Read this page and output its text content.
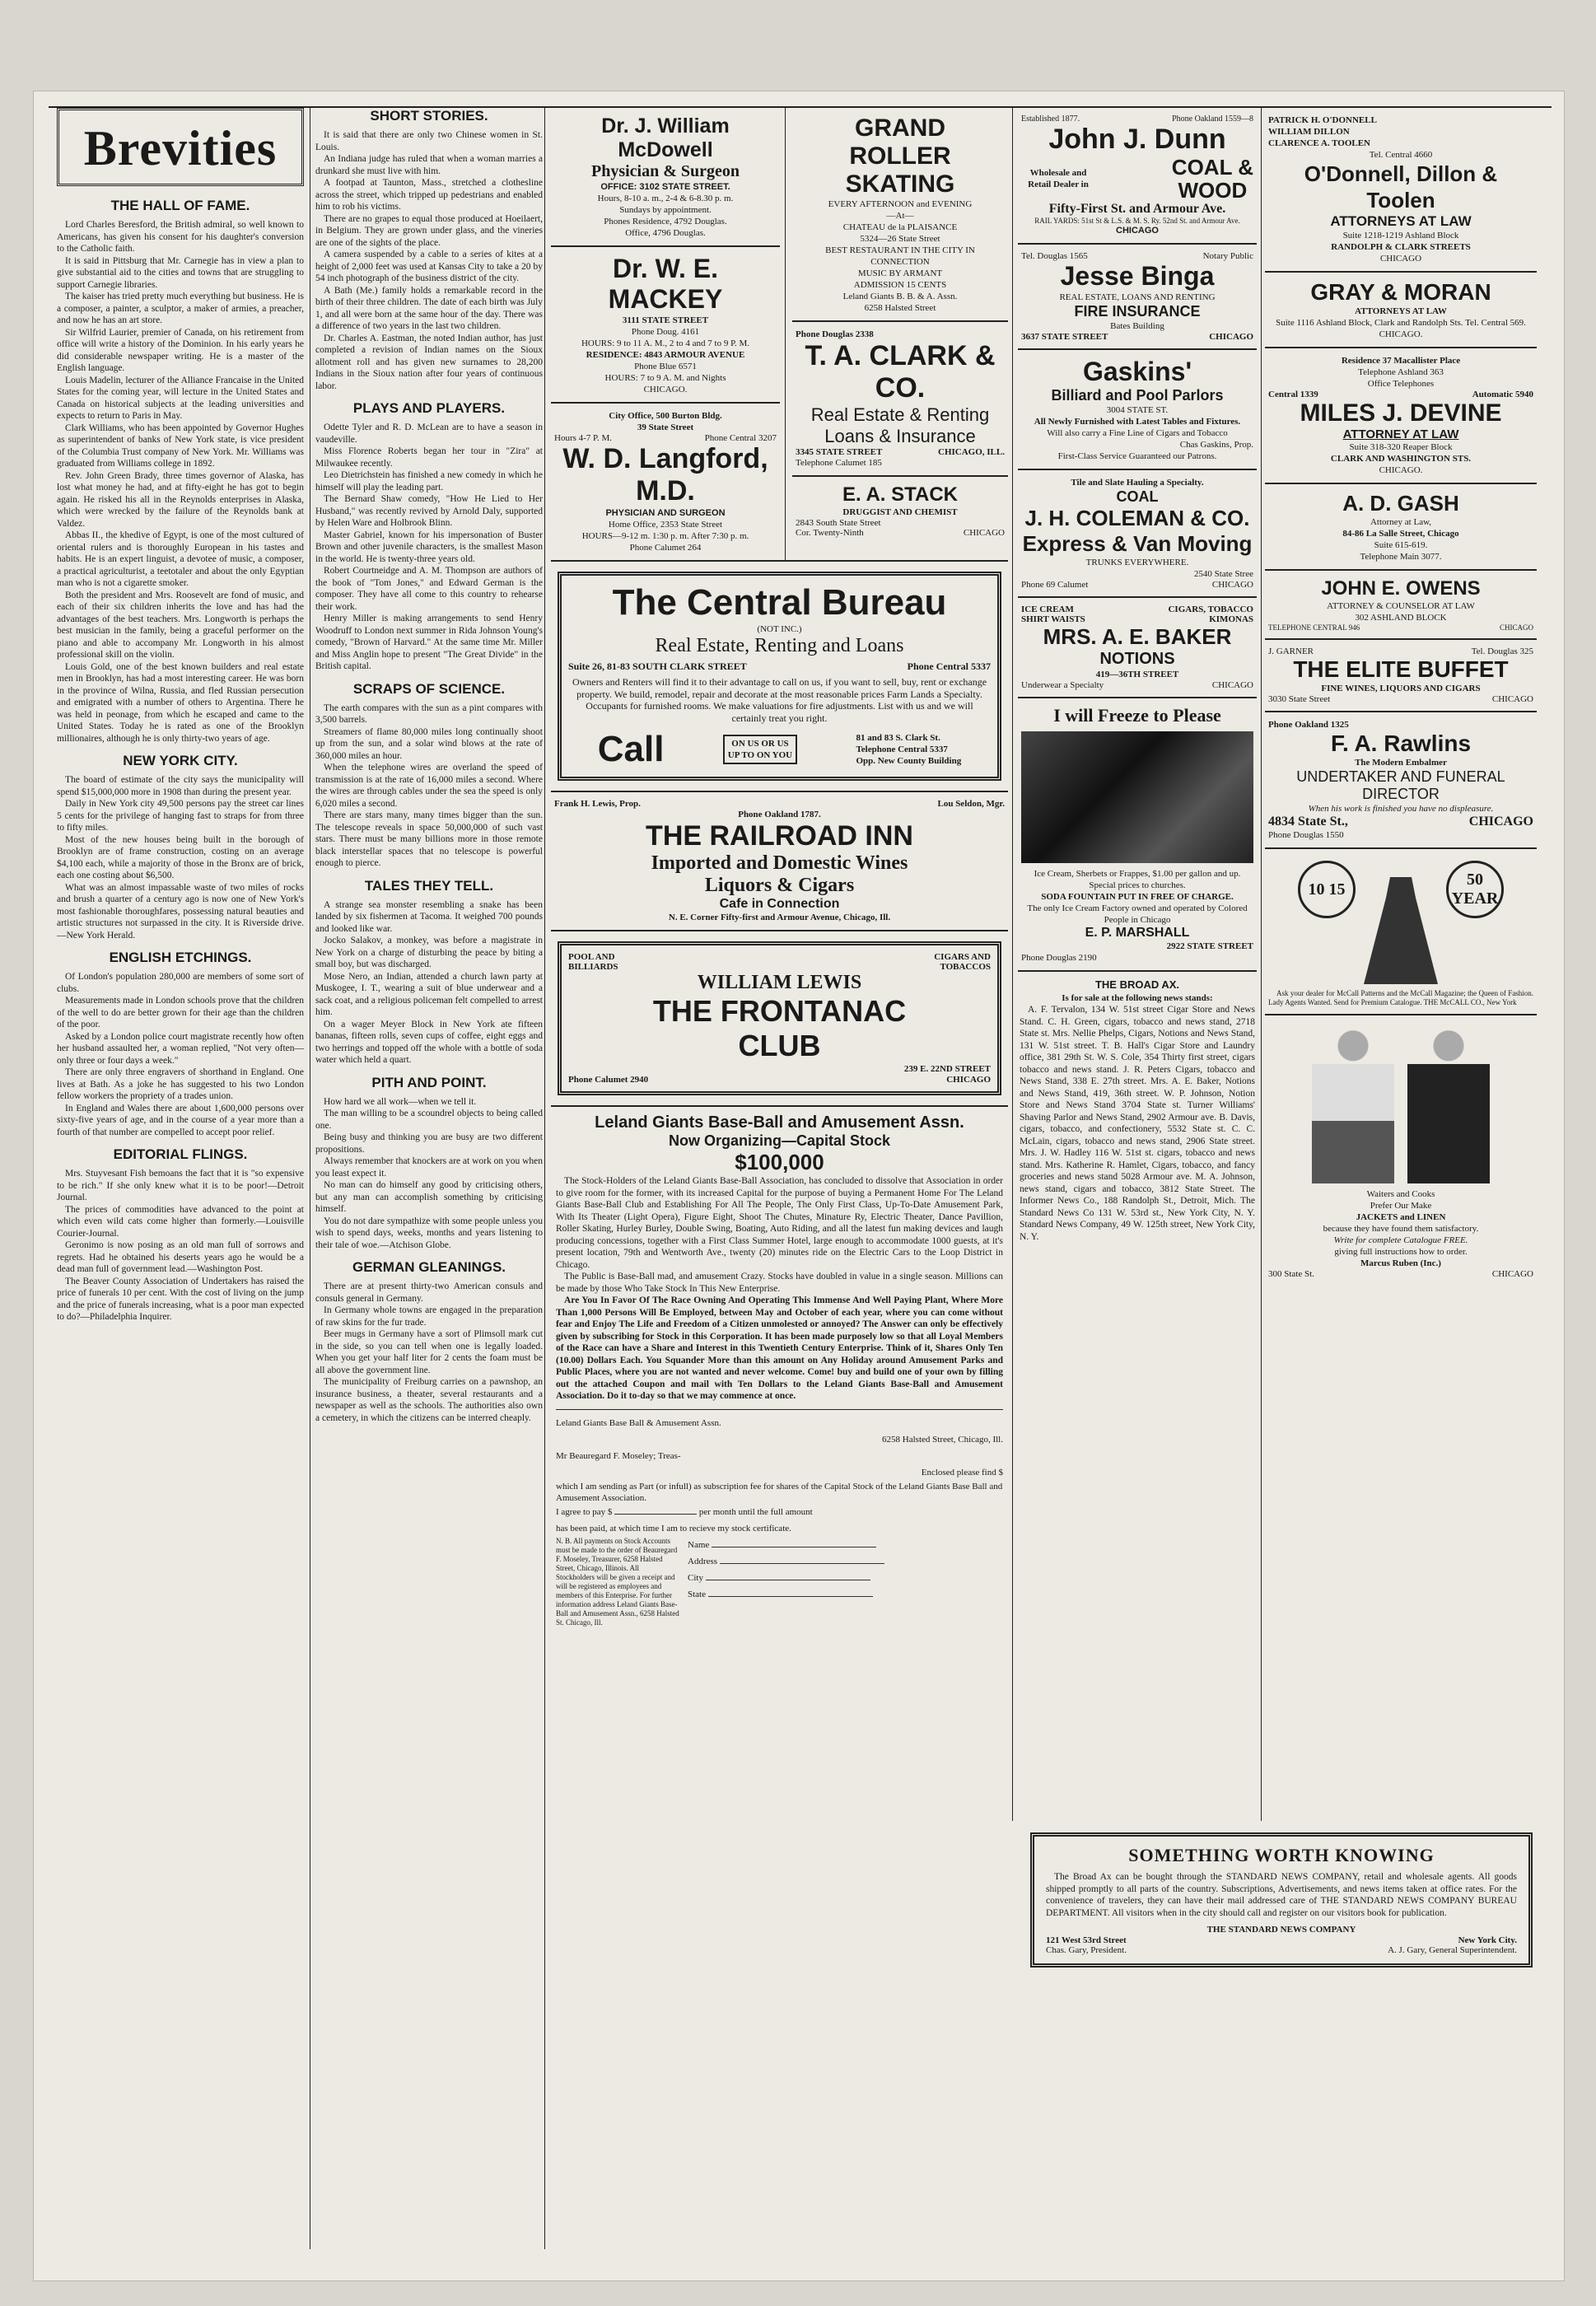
Brevities
THE HALL OF FAME.

Lord Charles Beresford, the British admiral, so well known to Americans, has given his consent for his daughter's conversion to the Catholic faith.

It is said in Pittsburg that Mr. Carnegie has in view a plan to give substantial aid to the cities and towns that are struggling to support Carnegie libraries.

The kaiser has tried pretty much everything but business. He is a composer, a painter, a sculptor, a maker of armies, a preacher, and now he has an art store.

Sir Wilfrid Laurier, premier of Canada, on his retirement from office will write a history of the Dominion. In his early years he did considerable newspaper writing. He is a master of the English language.

Louis Madelin, lecturer of the Alliance Francaise in the United States for the coming year, will lecture in the United States and Canada on historical subjects at the leading universities and expects to return to Paris in May.

Clark Williams, who has been appointed by Governor Hughes as superintendent of banks of New York state, is vice president of the Columbia Trust company of New York. Mr. Williams was graduated from Williams college in 1892.

Rev. John Green Brady, three times governor of Alaska, has lost what money he had, and at fifty-eight he has got to begin again. He risked his all in the Reynolds enterprises in Alaska, which were wrecked by the failure of the Reynolds bank at Valdez.

Abbas II., the khedive of Egypt, is one of the most cultured of oriental rulers and is thoroughly European in his tastes and habits. He is an expert linguist, a devotee of music, a composer, a practical agriculturist, a teetotaler and about the only Egyptian man who is not a cigarette smoker.

Both the president and Mrs. Roosevelt are fond of music, and each of their six children inherits the love and has had the advantages of the best teachers. Mrs. Longworth is perhaps the best musician in the family, being a graceful performer on the piano and able to accompany Mr. Longworth in his almost professional skill on the violin.

Louis Gold, one of the best known builders and real estate men in Brooklyn, has had a most interesting career. He was born in the province of Wilna, Russia, and fled Russian persecution and emigrated with a number of others to Argentina. There he was held in peonage, from which he escaped and came to the United States. Today he is rated as one of the Brooklyn millionaires, although he is only thirty-two years of age.

NEW YORK CITY.

The board of estimate of the city says the municipality will spend $15,000,000 more in 1908 than during the present year.

Daily in New York city 49,500 persons pay the street car lines 5 cents for the privilege of hanging fast to straps for from three to fifty miles.

Most of the new houses being built in the borough of Brooklyn are of frame construction, costing on an average $4,100 each, while a majority of those in the Bronx are of brick, each one costing about $6,500.

What was an almost impassable waste of two miles of rocks and brush a quarter of a century ago is now one of New York's most fashionable thoroughfares, possessing natural beauties and artistic structures not surpassed in the city. It is Riverside drive.—New York Herald.

ENGLISH ETCHINGS.

Of London's population 280,000 are members of some sort of clubs.

Measurements made in London schools prove that the children of the well to do are better grown for their age than the children of the poor.

Asked by a London police court magistrate recently how often her husband assaulted her, a woman replied, "Not very often—only three or four days a week."

There are only three engravers of shorthand in England. One lives at Bath. As a joke he has suggested to his two London fellow workers the propriety of a trades union.

In England and Wales there are about 1,600,000 persons over sixty-five years of age, and in the course of a year more than a fourth of that number are compelled to accept poor relief.

EDITORIAL FLINGS.

Mrs. Stuyvesant Fish bemoans the fact that it is "so expensive to be rich." If she only knew what it is to be poor!—Detroit Journal.

The prices of commodities have advanced to the point at which even wild cats come higher than formerly.—Louisville Courier-Journal.

Geronimo is now posing as an old man full of sorrows and regrets. Had he obtained his deserts years ago he would be a dead man full of government lead.—Washington Post.

The Beaver County Association of Undertakers has raised the price of funerals 10 per cent. With the cost of living on the jump and the price of funerals increasing, what is a poor man expected to do?—Philadelphia Inquirer.

SHORT STORIES.

It is said that there are only two Chinese women in St. Louis.

An Indiana judge has ruled that when a woman marries a drunkard she must live with him.

A footpad at Taunton, Mass., stretched a clothesline across the street, which tripped up pedestrians and enabled him to rob his victims.

There are no grapes to equal those produced at Hoeilaert, in Belgium. They are grown under glass, and the vineries are one of the sights of the place.

A camera suspended by a cable to a series of kites at a height of 2,000 feet was used at Kansas City to take a 20 by 54 inch photograph of the business district of the city.

A Bath (Me.) family holds a remarkable record in the birth of their three children. The date of each birth was July 1, and all were born at the same hour of the day. There was a difference of two years in the last two children.

Dr. Charles A. Eastman, the noted Indian author, has just completed a revision of Indian names on the Sioux allotment roll and has given new surnames to 28,200 Indians in the Sioux nation after four years of continuous labor.

PLAYS AND PLAYERS.

Odette Tyler and R. D. McLean are to have a season in vaudeville.

Miss Florence Roberts began her tour in "Zira" at Milwaukee recently.

Leo Dietrichstein has finished a new comedy in which he himself will play the leading part.

The Bernard Shaw comedy, "How He Lied to Her Husband," was recently revived by Arnold Daly, supported by Helen Ware and Holbrook Blinn.

Master Gabriel, known for his impersonation of Buster Brown and other juvenile characters, is the smallest Mason in the world. He is twenty-three years old.

Robert Courtneidge and A. M. Thompson are authors of the book of "Tom Jones," and Edward German is the composer. They have all come to this country to rehearse their work.

Henry Miller is making arrangements to send Henry Woodruff to London next summer in Rida Johnson Young's comedy, "Brown of Harvard." At the same time Mr. Miller and Miss Anglin hope to present "The Great Divide" in the British capital.

SCRAPS OF SCIENCE.

The earth compares with the sun as a pint compares with 3,500 barrels.

Streamers of flame 80,000 miles long continually shoot up from the sun, and a solar wind blows at the rate of 360,000 miles an hour.

When the telephone wires are overland the speed of transmission is at the rate of 16,000 miles a second. Where the wires are through cables under the sea the speed is only 6,020 miles a second.

There are stars many, many times bigger than the sun. The telescope reveals in space 50,000,000 of such vast stars. There must be many billions more in those remote black interstellar spaces that no telescope is powerful enough to pierce.

TALES THEY TELL.

A strange sea monster resembling a snake has been landed by six fishermen at Tacoma. It weighed 700 pounds and looked like war.

Jocko Salakov, a monkey, was before a magistrate in New York on a charge of disturbing the peace by biting a small boy, but was discharged.

Mose Nero, an Indian, attended a church lawn party at Muskogee, I. T., wearing a suit of blue underwear and a sack coat, and a religious policeman felt compelled to arrest him.

On a wager Meyer Block in New York ate fifteen bananas, fifteen rolls, seven cups of coffee, eight eggs and two herrings and topped off the whole with a bottle of soda water which held a quart.

PITH AND POINT.

How hard we all work—when we tell it.

The man willing to be a scoundrel objects to being called one.

Being busy and thinking you are busy are two different propositions.

Always remember that knockers are at work on you when you least expect it.

No man can do himself any good by criticising others, but any man can accomplish something by criticising himself.

You do not dare sympathize with some people unless you wish to spend days, weeks, months and years listening to their tale of woe.—Atchison Globe.

GERMAN GLEANINGS.

There are at present thirty-two American consuls and consuls general in Germany.

In Germany whole towns are engaged in the preparation of raw skins for the fur trade.

Beer mugs in Germany have a sort of Plimsoll mark cut in the side, so you can tell when one is legally loaded. When you get your half liter for 2 cents the foam must be all above the government line.

The municipality of Freiburg carries on a pawnshop, an insurance business, a theater, several restaurants and a newspaper as well as the schools. The authorities also own a cemetery, in which the citizens can be interred cheaply.

Dr. J. William McDowell
Physician & Surgeon
OFFICE: 3102 STATE STREET.
Hours, 8-10 a. m., 2-4 & 6-8.30 p. m.
Sundays by appointment.
Phones Residence, 4792 Douglas.
Office, 4796 Douglas.
Dr. W. E. MACKEY
3111 STATE STREET
Phone Doug. 4161
HOURS: 9 to 11 A. M., 2 to 4 and 7 to 9 P. M.
RESIDENCE: 4843 ARMOUR AVENUE
Phone Blue 6571
HOURS: 7 to 9 A. M. and Nights
CHICAGO.
City Office, 500 Burton Bldg.
39 State Street
Hours 4-7 P. M.	Phone Central 3207
W. D. Langford, M.D.
PHYSICIAN AND SURGEON
Home Office, 2353 State Street
HOURS—9-12 m. 1:30 p. m. After 7:30 p. m.
Phone Calumet 264
GRAND
ROLLER
SKATING
EVERY AFTERNOON and EVENING
—At—
CHATEAU de la PLAISANCE
5324—26 State Street
BEST RESTAURANT IN THE CITY IN CONNECTION
MUSIC BY ARMANT
ADMISSION 15 CENTS
Leland Giants B. B. & A. Assn.
6258 Halsted Street
Phone Douglas 2338
T. A. CLARK & CO.
Real Estate & Renting
Loans & Insurance
3345 STATE STREET	CHICAGO, ILL.
Telephone Calumet 185
E. A. STACK
DRUGGIST AND CHEMIST
2843 South State Street
Cor. Twenty-Ninth	CHICAGO
The Central Bureau
(NOT INC.)
Real Estate, Renting and Loans
Suite 26, 81-83 SOUTH CLARK STREET	Phone Central 5337

Owners and Renters will find it to their advantage to call on us, if you want to sell, buy, rent or exchange property. We build, remodel, repair and decorate at the most reasonable prices Farm Lands a Specialty. Occupants for furnished rooms. We make valuations for fire adjustments. List with us and we will certainly treat you right.

Call	ON US OR US UP TO ON YOU
81 and 83 S. Clark St.
Telephone Central 5337
Opp. New County Building
Frank H. Lewis, Prop.	Lou Seldon, Mgr.
Phone Oakland 1787.
THE RAILROAD INN
Imported and Domestic Wines
Liquors & Cigars
Cafe in Connection
N. E. Corner Fifty-first and Armour Avenue, Chicago, Ill.
POOL AND	CIGARS AND
BILLIARDS	TOBACCOS
WILLIAM LEWIS
THE FRONTANAC
CLUB
239 E. 22ND STREET
Phone Calumet 2940	CHICAGO
Leland Giants Base-Ball and Amusement Assn.
Now Organizing—Capital Stock
$100,000

The Stock-Holders of the Leland Giants Base-Ball Association, has concluded to dissolve that Association in order to give room for the former, with its increased Capital for the purpose of buying a Permanent Home For The Leland Giants Base-Ball Club and Establishing For All The People, The Only First Class, Up-To-Date Amusement Park, With Its Theater (Light Opera), Figure Eight, Shoot The Chutes, Minature Ry, Electric Theater, Dance Pavillion, Roller Skating, Hurley Burley, Double Swing, Boating, Auto Riding, and all the latest fun making devices and laugh producing concessions, together with a First Class Summer Hotel, large enough to accommodate 1000 guests, at it's present location, 79th and Wentworth Ave., twenty (20) minutes ride on the Electric Cars to the Loop District in Chicago.

The Public is Base-Ball mad, and amusement Crazy. Stocks have doubled in value in a single season. Millions can be made by those Who Take Stock In This New Enterprise.

Are You In Favor Of The Race Owning And Operating This Immense And Well Paying Plant, Where More Than 1,000 Persons Will Be Employed, between May and October of each year, where you can come without fear and Enjoy The Life and Freedom of a Citizen unmolested or annoyed? The Answer can only be effectively given by subscribing for Stock in this Corporation. It has been made purposely low so that all Loyal Members of the Race can have a Share and Interest in this Twentieth Century Enterprise. Think of it, Shares Only Ten (10.00) Dollars Each. You Squander More than this amount on Any Holiday around Amusement Parks and Public Places, where you are not wanted and never welcome. Come! buy and build one of your own by filling out the attached Coupon and mail with Ten Dollars to the Leland Giants Base-Ball and Amusement Association. Do it to-day so that we may commence at once.

Leland Giants Base Ball & Amusement Assn.
6258 Halsted Street, Chicago, Ill.
Mr Beauregard F. Moseley; Treas-
Enclosed please find $
which I am sending as Part (or infull) as subscription fee for shares of the Capital Stock of the Leland Giants Base Ball and Amusement Association.
I agree to pay $	per month until the full amount
has been paid, at which time I am to recieve my stock certificate.
N. B. All payments on Stock Accounts must be made to the order of Beauregard F. Moseley, Treasurer, 6258 Halsted Street, Chicago, Illinois. All Stockholders will be given a receipt and will be registered as employees and members of this Enterprise. For further information address Leland Giants Base-Ball and Amusement Assn., 6258 Halsted St. Chicago, Ill.
Name
Address
City
State
Established 1877.	Phone Oakland 1559—8
John J. Dunn
Wholesale and Retail Dealer in
COAL &
WOOD
Fifty-First St. and Armour Ave.
RAIL YARDS: 51st St & L.S. & M. S. Ry. 52nd St. and Armour Ave.
CHICAGO
Tel. Douglas 1565	Notary Public
Jesse Binga
REAL ESTATE, LOANS AND RENTING
FIRE INSURANCE
Bates Building
3637 STATE STREET	CHICAGO
Gaskins'
Billiard and Pool Parlors
3004 STATE ST.
All Newly Furnished with Latest Tables and Fixtures.
Will also carry a Fine Line of Cigars and Tobacco
Chas Gaskins, Prop.
First-Class Service Guaranteed our Patrons.
Tile and Slate Hauling a Specialty.
COAL
J. H. COLEMAN & CO.
Express & Van Moving
TRUNKS EVERYWHERE.
2540 State Stree
Phone 69 Calumet	CHICAGO
ICE CREAM	CIGARS, TOBACCO
SHIRT WAISTS	KIMONAS
MRS. A. E. BAKER
NOTIONS
419—36TH STREET
Underwear a Specialty	CHICAGO
I will Freeze to Please
Ice Cream, Sherbets or Frappes, $1.00 per gallon and up.
Special prices to churches.
SODA FOUNTAIN PUT IN FREE OF CHARGE.
The only Ice Cream Factory owned and operated by Colored People in Chicago
E. P. MARSHALL
2922 STATE STREET
Phone Douglas 2190
THE BROAD AX.
Is for sale at the following news stands:

A. F. Tervalon, 134 W. 51st street Cigar Store and News Stand. C. H. Green, cigars, tobacco and news stand, 2718 State st. Mrs. Nellie Phelps, Cigars, Notions and News Stand, 131 W. 51st street. T. B. Hall's Cigar Store and Laundry office, 381 29th St. W. S. Cole, 354 Thirty first street, cigars tobacco and news stand. J. R. Peters Cigars, tobacco and News Stand, 338 E. 27th street. Mrs. A. E. Baker, Notions and News Stand, 419, 36th street. W. P. Johnson, Notion Store and News Stand 3704 State st. Turner Williams' Shaving Parlor and News Stand, 2902 Armour ave. B. Davis, cigars, tobacco, and confectionery, 5532 State st. C. C. McLain, cigars, tobacco and news stand, 2906 State street. Mrs. J. W. Hadley 116 W. 51st st. cigars, tobacco and news stand. Mrs. Katherine R. Hamlet, Cigars, tobacco, and fancy groceries and news stand 5028 Armour ave. M. A. Johnson, news stand, cigars and tobacco, 3812 State Street. The Informer News Co., 188 Randolph St., Detroit, Mich. The Standard News Co 131 W. 53rd st., New York City, N. Y. Standard News Company, 49 W. 125th street, New York City, N. Y.

PATRICK H. O'DONNELL
WILLIAM DILLON
CLARENCE A. TOOLEN
Tel. Central 4660
O'Donnell, Dillon & Toolen
ATTORNEYS AT LAW
Suite 1218-1219 Ashland Block
RANDOLPH & CLARK STREETS
CHICAGO
GRAY & MORAN
ATTORNEYS AT LAW
Suite 1116 Ashland Block, Clark and Randolph Sts. Tel. Central 569.
CHICAGO.
Residence 37 Macallister Place
Telephone Ashland 363
Office Telephones
Central 1339	Automatic 5940
MILES J. DEVINE
ATTORNEY AT LAW
Suite 318-320 Reaper Block
CLARK AND WASHINGTON STS.
CHICAGO.
A. D. GASH
Attorney at Law,
84-86 La Salle Street, Chicago
Suite 615-619.
Telephone Main 3077.
JOHN E. OWENS
ATTORNEY & COUNSELOR AT LAW
302 ASHLAND BLOCK
TELEPHONE CENTRAL 946	CHICAGO
J. GARNER	Tel. Douglas 325
THE ELITE BUFFET
FINE WINES, LIQUORS AND CIGARS
3030 State Street	CHICAGO
Phone Oakland 1325
F. A. Rawlins
The Modern Embalmer
UNDERTAKER AND FUNERAL DIRECTOR
When his work is finished you have no displeasure.
4834 State St.,	CHICAGO
Phone Douglas 1550
10 15
50 YEAR

Ask your dealer for McCall Patterns and the McCall Magazine; the Queen of Fashion. Lady Agents Wanted. Send for Premium Catalogue. THE McCALL CO., New York

Waiters and Cooks
Prefer Our Make
JACKETS and LINEN
because they have found them satisfactory.
Write for complete Catalogue FREE.
giving full instructions how to order.
Marcus Ruben (Inc.)
300 State St.	CHICAGO
SOMETHING WORTH KNOWING

The Broad Ax can be bought through the STANDARD NEWS COMPANY, retail and wholesale agents. All goods shipped promptly to all parts of the country. Subscriptions, Advertisements, and news items taken at office rates. For the convenience of travelers, they can have their mail addressed care of THE STANDARD NEWS COMPANY BUREAU DEPARTMENT. All visitors when in the city should call and register on our visitors book for publication.

THE STANDARD NEWS COMPANY
121 West 53rd Street	New York City.
Chas. Gary, President.	A. J. Gary, General Superintendent.
